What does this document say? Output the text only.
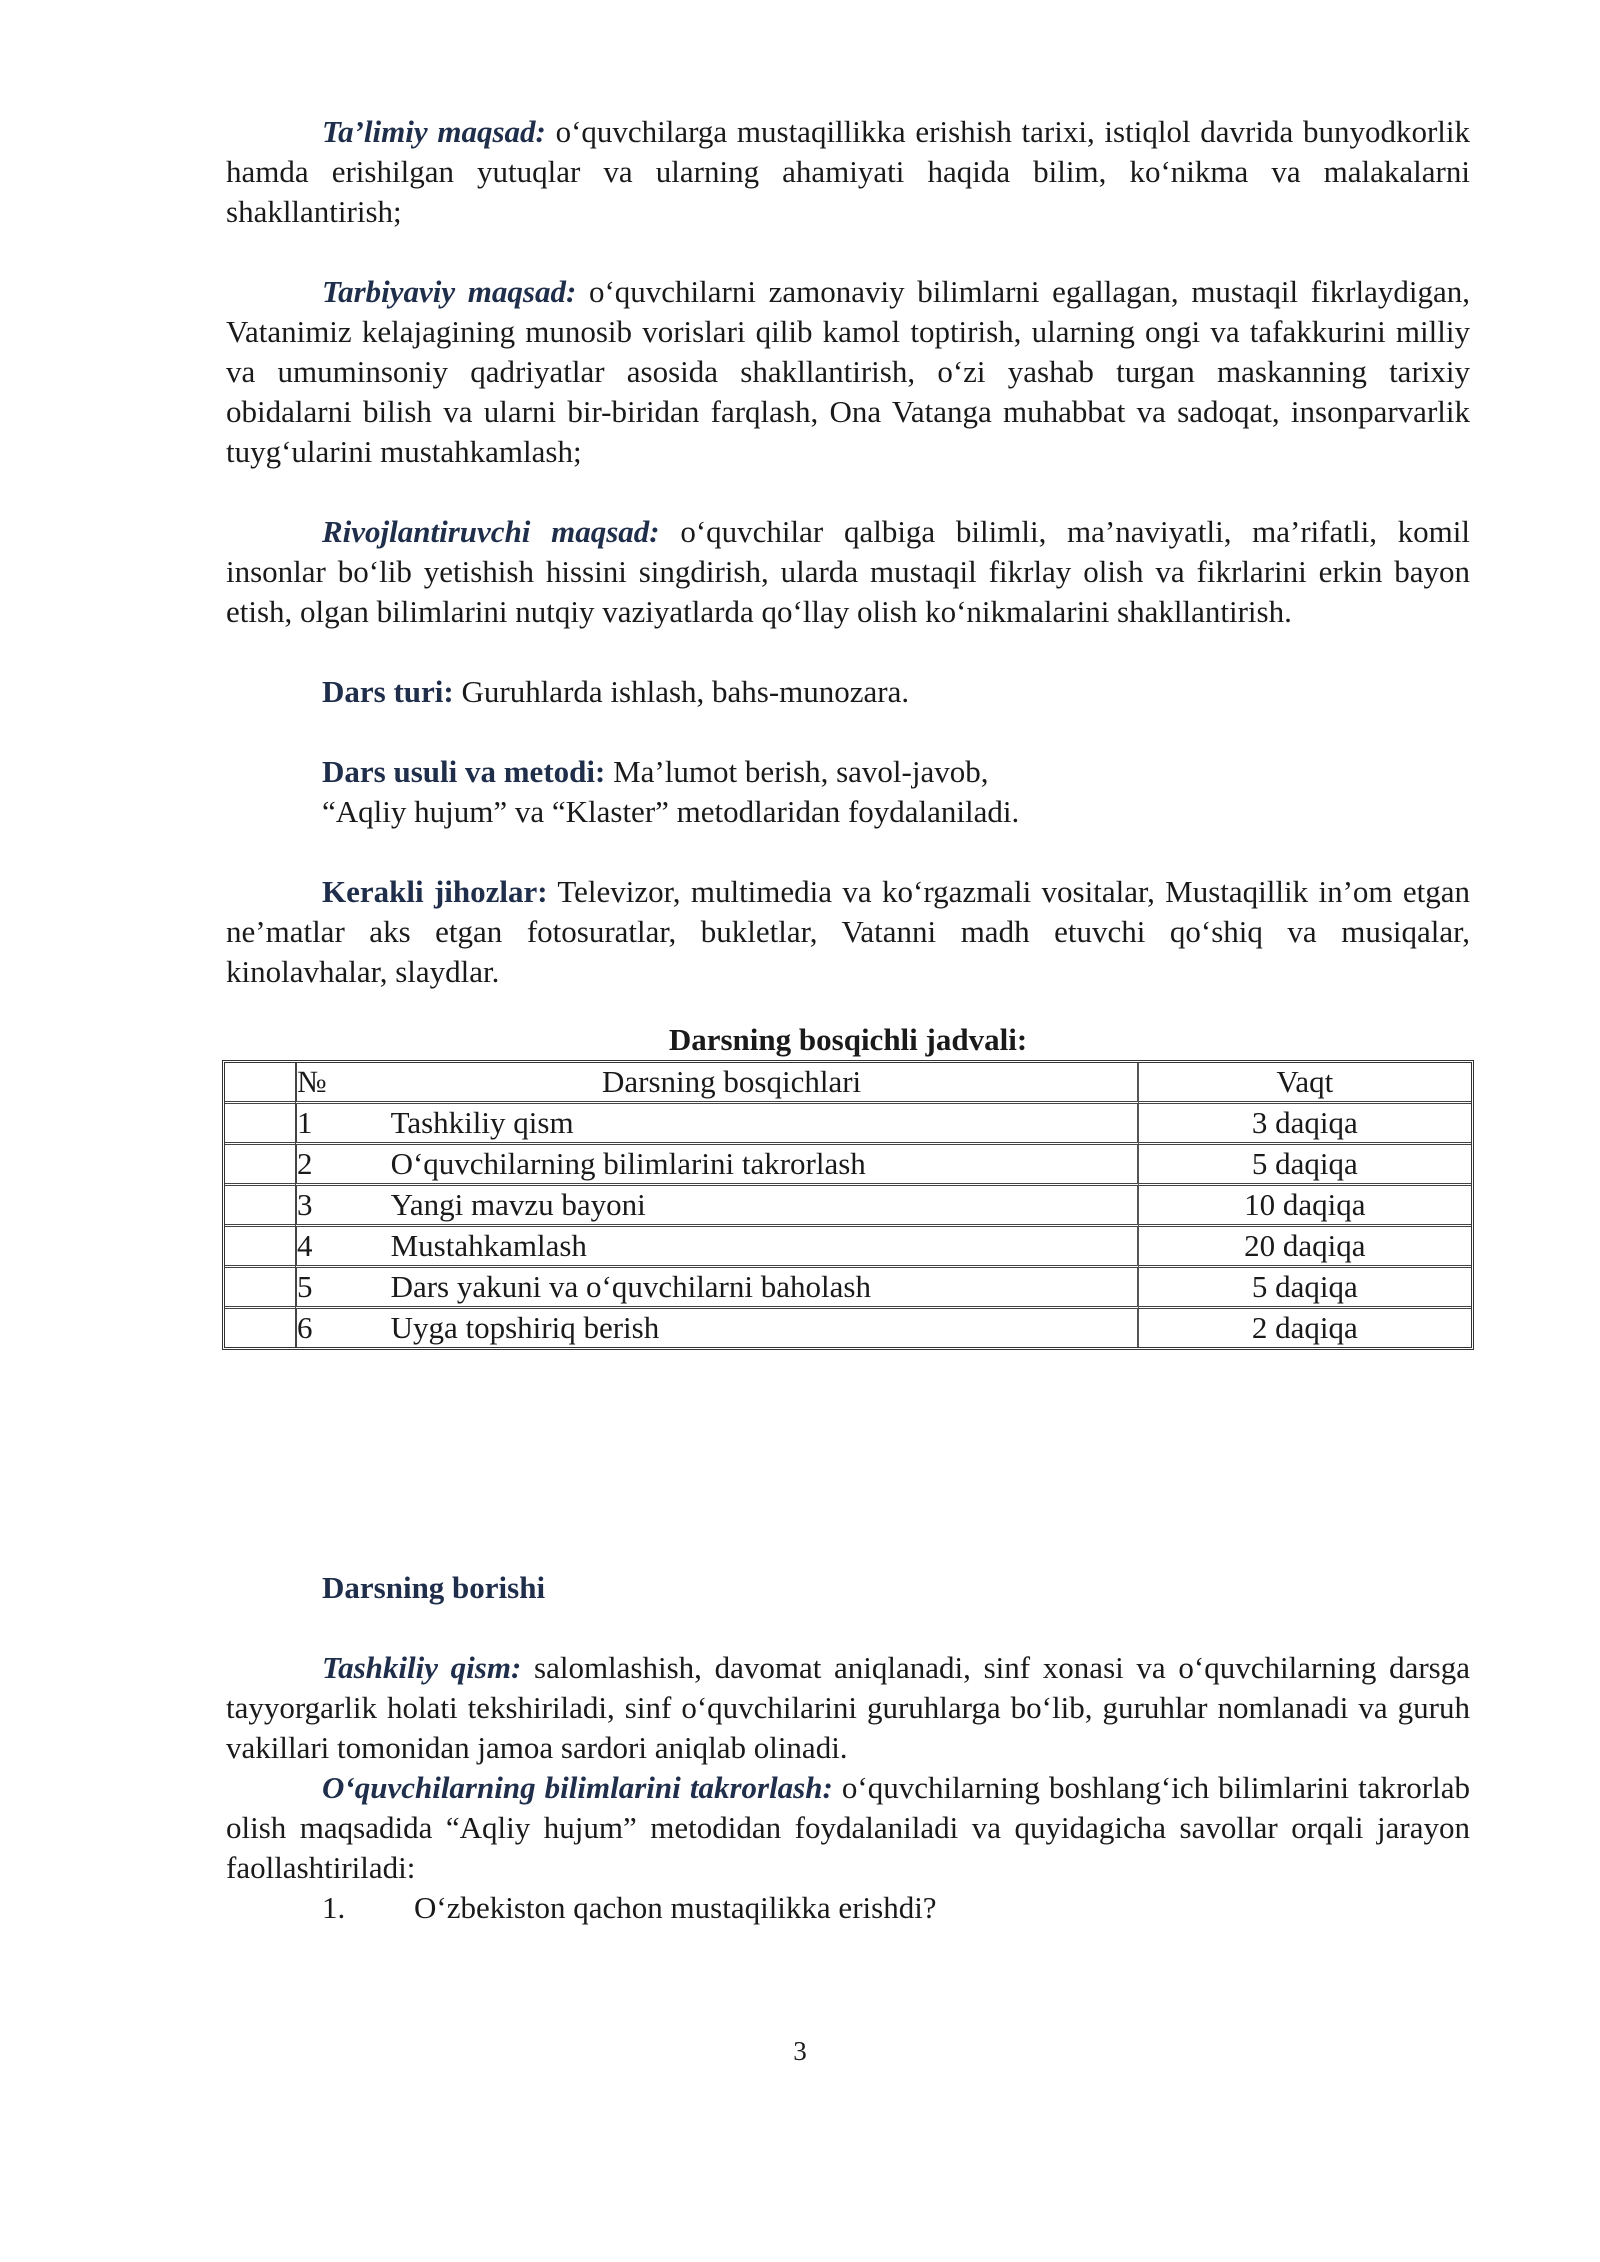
Ta’limiy maqsad: o‘quvchilarga mustaqillikka erishish tarixi, istiqlol davrida bunyodkorlik hamda erishilgan yutuqlar va ularning ahamiyati haqida bilim, ko‘nikma va malakalarni shakllantirish;

Tarbiyaviy maqsad: o‘quvchilarni zamonaviy bilimlarni egallagan, mustaqil fikrlaydigan, Vatanimiz kelajagining munosib vorislari qilib kamol toptirish, ularning ongi va tafakkurini milliy va umuminsoniy qadriyatlar asosida shakllantirish, o‘zi yashab turgan maskanning tarixiy obidalarni bilish va ularni bir-biridan farqlash, Ona Vatanga muhabbat va sadoqat, insonparvarlik tuyg‘ularini mustahkamlash;

Rivojlantiruvchi maqsad: o‘quvchilar qalbiga bilimli, ma’naviyatli, ma’rifatli, komil insonlar bo‘lib yetishish hissini singdirish, ularda mustaqil fikrlay olish va fikrlarini erkin bayon etish, olgan bilimlarini nutqiy vaziyatlarda qo‘llay olish ko‘nikmalarini shakllantirish.

Dars turi: Guruhlarda ishlash, bahs-munozara.

Dars usuli va metodi: Ma’lumot berish, savol-javob,

“Aqliy hujum” va “Klaster” metodlaridan foydalaniladi.

Kerakli jihozlar: Televizor, multimedia va ko‘rgazmali vositalar, Mustaqillik in’om etgan ne’matlar aks etgan fotosuratlar, bukletlar, Vatanni madh etuvchi qo‘shiq va musiqalar, kinolavhalar, slaydlar.

Darsning bosqichli jadvali:
	№	Darsning bosqichlari	Vaqt
	1	Tashkiliy qism	3 daqiqa
	2	O‘quvchilarning bilimlarini takrorlash	5 daqiqa
	3	Yangi mavzu bayoni	10 daqiqa
	4	Mustahkamlash	20 daqiqa
	5	Dars yakuni va o‘quvchilarni baholash	5 daqiqa
	6	Uyga topshiriq berish	2 daqiqa

Darsning borishi

Tashkiliy qism: salomlashish, davomat aniqlanadi, sinf xonasi va o‘quvchilarning darsga tayyorgarlik holati tekshiriladi, sinf o‘quvchilarini guruhlarga bo‘lib, guruhlar nomlanadi va guruh vakillari tomonidan jamoa sardori aniqlab olinadi.

O‘quvchilarning bilimlarini takrorlash: o‘quvchilarning boshlang‘ich bilimlarini takrorlab olish maqsadida “Aqliy hujum” metodidan foydalaniladi va quyidagicha savollar orqali jarayon faollashtiriladi:

1. O‘zbekiston qachon mustaqilikka erishdi?

3
